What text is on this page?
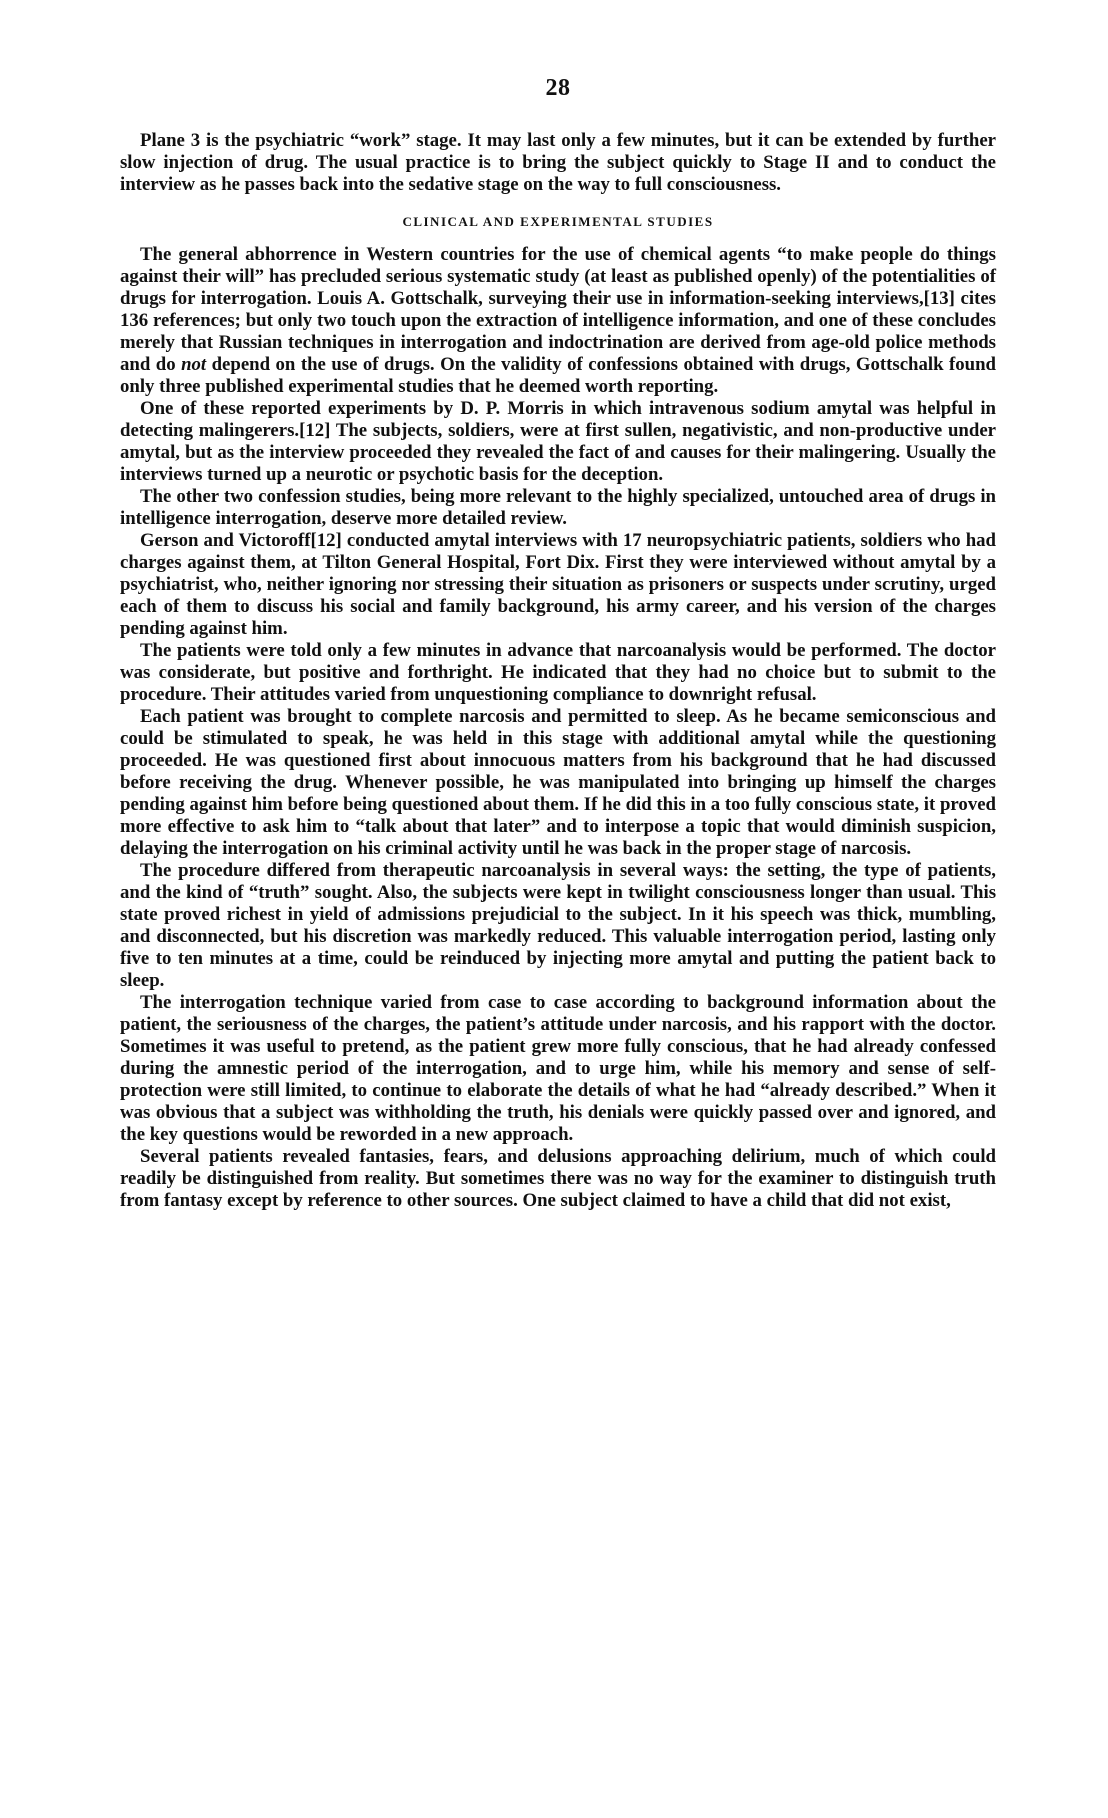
28

Plane 3 is the psychiatric “work” stage. It may last only a few minutes, but it can be extended by further slow injection of drug. The usual practice is to bring the subject quickly to Stage II and to conduct the interview as he passes back into the sedative stage on the way to full consciousness.

CLINICAL AND EXPERIMENTAL STUDIES

The general abhorrence in Western countries for the use of chemical agents “to make people do things against their will” has precluded serious systematic study (at least as published openly) of the potentialities of drugs for interrogation. Louis A. Gottschalk, surveying their use in information-seeking interviews,[13] cites 136 references; but only two touch upon the extraction of intelligence information, and one of these concludes merely that Russian techniques in interrogation and indoctrination are derived from age-old police methods and do not depend on the use of drugs. On the validity of confessions obtained with drugs, Gottschalk found only three published experimental studies that he deemed worth reporting.

One of these reported experiments by D. P. Morris in which intravenous sodium amytal was helpful in detecting malingerers.[12] The subjects, soldiers, were at first sullen, negativistic, and non-productive under amytal, but as the interview proceeded they revealed the fact of and causes for their malingering. Usually the interviews turned up a neurotic or psychotic basis for the deception.

The other two confession studies, being more relevant to the highly specialized, untouched area of drugs in intelligence interrogation, deserve more detailed review.

Gerson and Victoroff[12] conducted amytal interviews with 17 neuropsychiatric patients, soldiers who had charges against them, at Tilton General Hospital, Fort Dix. First they were interviewed without amytal by a psychiatrist, who, neither ignoring nor stressing their situation as prisoners or suspects under scrutiny, urged each of them to discuss his social and family background, his army career, and his version of the charges pending against him.

The patients were told only a few minutes in advance that narcoanalysis would be performed. The doctor was considerate, but positive and forthright. He indicated that they had no choice but to submit to the procedure. Their attitudes varied from unquestioning compliance to downright refusal.

Each patient was brought to complete narcosis and permitted to sleep. As he became semiconscious and could be stimulated to speak, he was held in this stage with additional amytal while the questioning proceeded. He was questioned first about innocuous matters from his background that he had discussed before receiving the drug. Whenever possible, he was manipulated into bringing up himself the charges pending against him before being questioned about them. If he did this in a too fully conscious state, it proved more effective to ask him to “talk about that later” and to interpose a topic that would diminish suspicion, delaying the interrogation on his criminal activity until he was back in the proper stage of narcosis.

The procedure differed from therapeutic narcoanalysis in several ways: the setting, the type of patients, and the kind of “truth” sought. Also, the subjects were kept in twilight consciousness longer than usual. This state proved richest in yield of admissions prejudicial to the subject. In it his speech was thick, mumbling, and disconnected, but his discretion was markedly reduced. This valuable interrogation period, lasting only five to ten minutes at a time, could be reinduced by injecting more amytal and putting the patient back to sleep.

The interrogation technique varied from case to case according to background information about the patient, the seriousness of the charges, the patient’s attitude under narcosis, and his rapport with the doctor. Sometimes it was useful to pretend, as the patient grew more fully conscious, that he had already confessed during the amnestic period of the interrogation, and to urge him, while his memory and sense of self-protection were still limited, to continue to elaborate the details of what he had “already described.” When it was obvious that a subject was withholding the truth, his denials were quickly passed over and ignored, and the key questions would be reworded in a new approach.

Several patients revealed fantasies, fears, and delusions approaching delirium, much of which could readily be distinguished from reality. But sometimes there was no way for the examiner to distinguish truth from fantasy except by reference to other sources. One subject claimed to have a child that did not exist,
